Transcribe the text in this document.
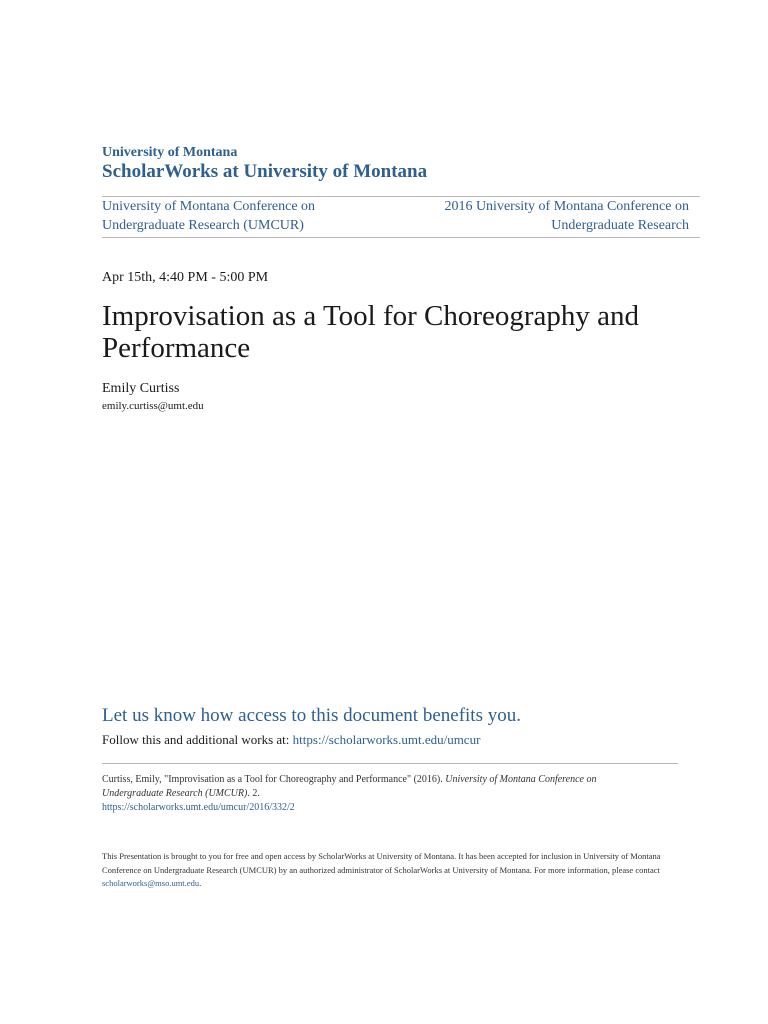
University of Montana
ScholarWorks at University of Montana
University of Montana Conference on
Undergraduate Research (UMCUR)
2016 University of Montana Conference on
Undergraduate Research
Apr 15th, 4:40 PM - 5:00 PM
Improvisation as a Tool for Choreography and
Performance
Emily Curtiss
emily.curtiss@umt.edu
Let us know how access to this document benefits you.
Follow this and additional works at: https://scholarworks.umt.edu/umcur
Curtiss, Emily, "Improvisation as a Tool for Choreography and Performance" (2016). University of Montana Conference on
Undergraduate Research (UMCUR). 2.
https://scholarworks.umt.edu/umcur/2016/332/2
This Presentation is brought to you for free and open access by ScholarWorks at University of Montana. It has been accepted for inclusion in University of Montana Conference on Undergraduate Research (UMCUR) by an authorized administrator of ScholarWorks at University of Montana. For more information, please contact scholarworks@mso.umt.edu.
